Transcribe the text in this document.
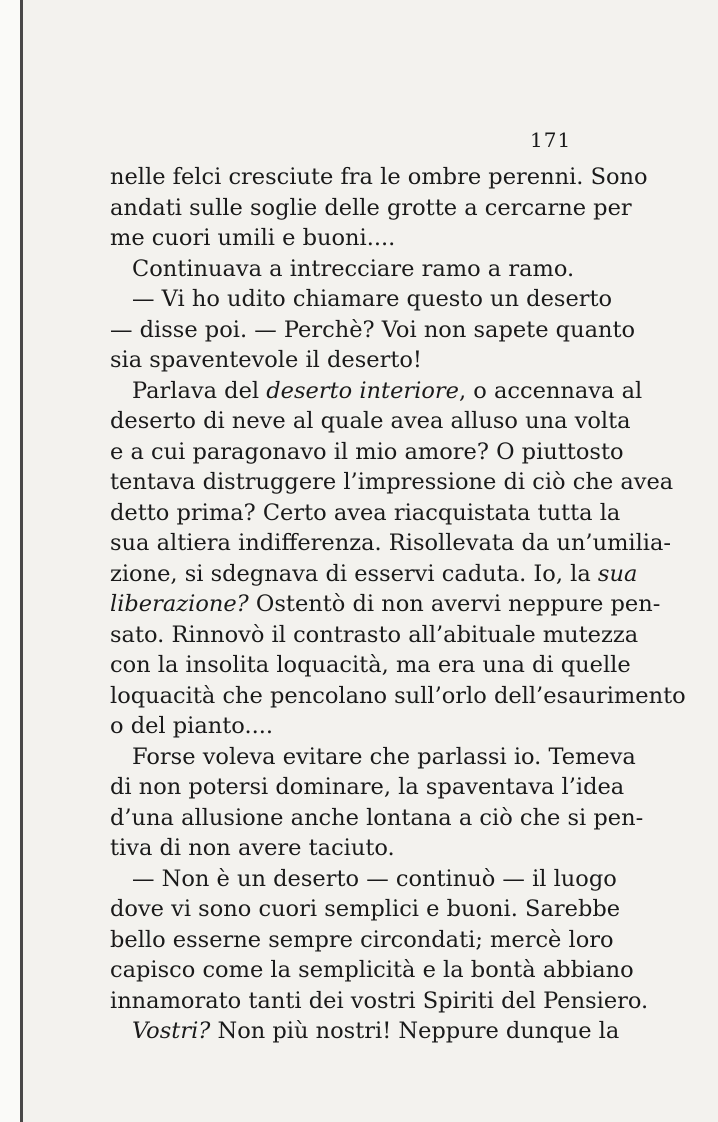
171
nelle felci cresciute fra le ombre perenni. Sono
andati sulle soglie delle grotte a cercarne per
me cuori umili e buoni....
Continuava a intrecciare ramo a ramo.
— Vi ho udito chiamare questo un deserto
— disse poi. — Perchè? Voi non sapete quanto
sia spaventevole il deserto!
Parlava del deserto interiore, o accennava al
deserto di neve al quale avea alluso una volta
e a cui paragonavo il mio amore? O piuttosto
tentava distruggere l’impressione di ciò che avea
detto prima? Certo avea riacquistata tutta la
sua altiera indifferenza. Risollevata da un’umilia-
zione, si sdegnava di esservi caduta. Io, la sua
liberazione? Ostentò di non avervi neppure pen-
sato. Rinnovò il contrasto all’abituale mutezza
con la insolita loquacità, ma era una di quelle
loquacità che pencolano sull’orlo dell’esaurimento
o del pianto....
Forse voleva evitare che parlassi io. Temeva
di non potersi dominare, la spaventava l’idea
d’una allusione anche lontana a ciò che si pen-
tiva di non avere taciuto.
— Non è un deserto — continuò — il luogo
dove vi sono cuori semplici e buoni. Sarebbe
bello esserne sempre circondati; mercè loro
capisco come la semplicità e la bontà abbiano
innamorato tanti dei vostri Spiriti del Pensiero.
Vostri? Non più nostri! Neppure dunque la
